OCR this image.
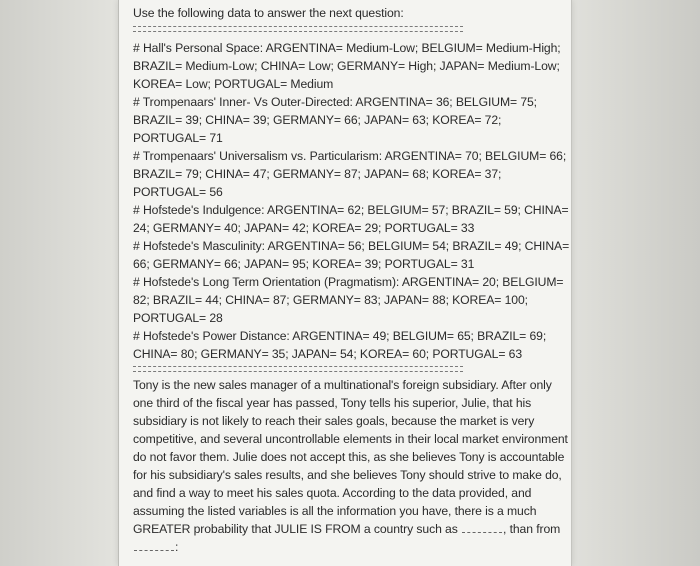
Use the following data to answer the next question:
# Hall's Personal Space: ARGENTINA= Medium-Low; BELGIUM= Medium-High;
BRAZIL= Medium-Low; CHINA= Low; GERMANY= High; JAPAN= Medium-Low;
KOREA= Low; PORTUGAL= Medium
# Trompenaars' Inner- Vs Outer-Directed: ARGENTINA= 36; BELGIUM= 75;
BRAZIL= 39; CHINA= 39; GERMANY= 66; JAPAN= 63; KOREA= 72;
PORTUGAL= 71
# Trompenaars' Universalism vs. Particularism: ARGENTINA= 70; BELGIUM= 66;
BRAZIL= 79; CHINA= 47; GERMANY= 87; JAPAN= 68; KOREA= 37;
PORTUGAL= 56
# Hofstede's Indulgence: ARGENTINA= 62; BELGIUM= 57; BRAZIL= 59; CHINA=
24; GERMANY= 40; JAPAN= 42; KOREA= 29; PORTUGAL= 33
# Hofstede's Masculinity: ARGENTINA= 56; BELGIUM= 54; BRAZIL= 49; CHINA=
66; GERMANY= 66; JAPAN= 95; KOREA= 39; PORTUGAL= 31
# Hofstede's Long Term Orientation (Pragmatism): ARGENTINA= 20; BELGIUM=
82; BRAZIL= 44; CHINA= 87; GERMANY= 83; JAPAN= 88; KOREA= 100;
PORTUGAL= 28
# Hofstede's Power Distance: ARGENTINA= 49; BELGIUM= 65; BRAZIL= 69;
CHINA= 80; GERMANY= 35; JAPAN= 54; KOREA= 60; PORTUGAL= 63
Tony is the new sales manager of a multinational's foreign subsidiary. After only
one third of the fiscal year has passed, Tony tells his superior, Julie, that his
subsidiary is not likely to reach their sales goals, because the market is very
competitive, and several uncontrollable elements in their local market environment
do not favor them. Julie does not accept this, as she believes Tony is accountable
for his subsidiary's sales results, and she believes Tony should strive to make do,
and find a way to meet his sales quota. According to the data provided, and
assuming the listed variables is all the information you have, there is a much
GREATER probability that JULIE IS FROM a country such as	, than from
:
